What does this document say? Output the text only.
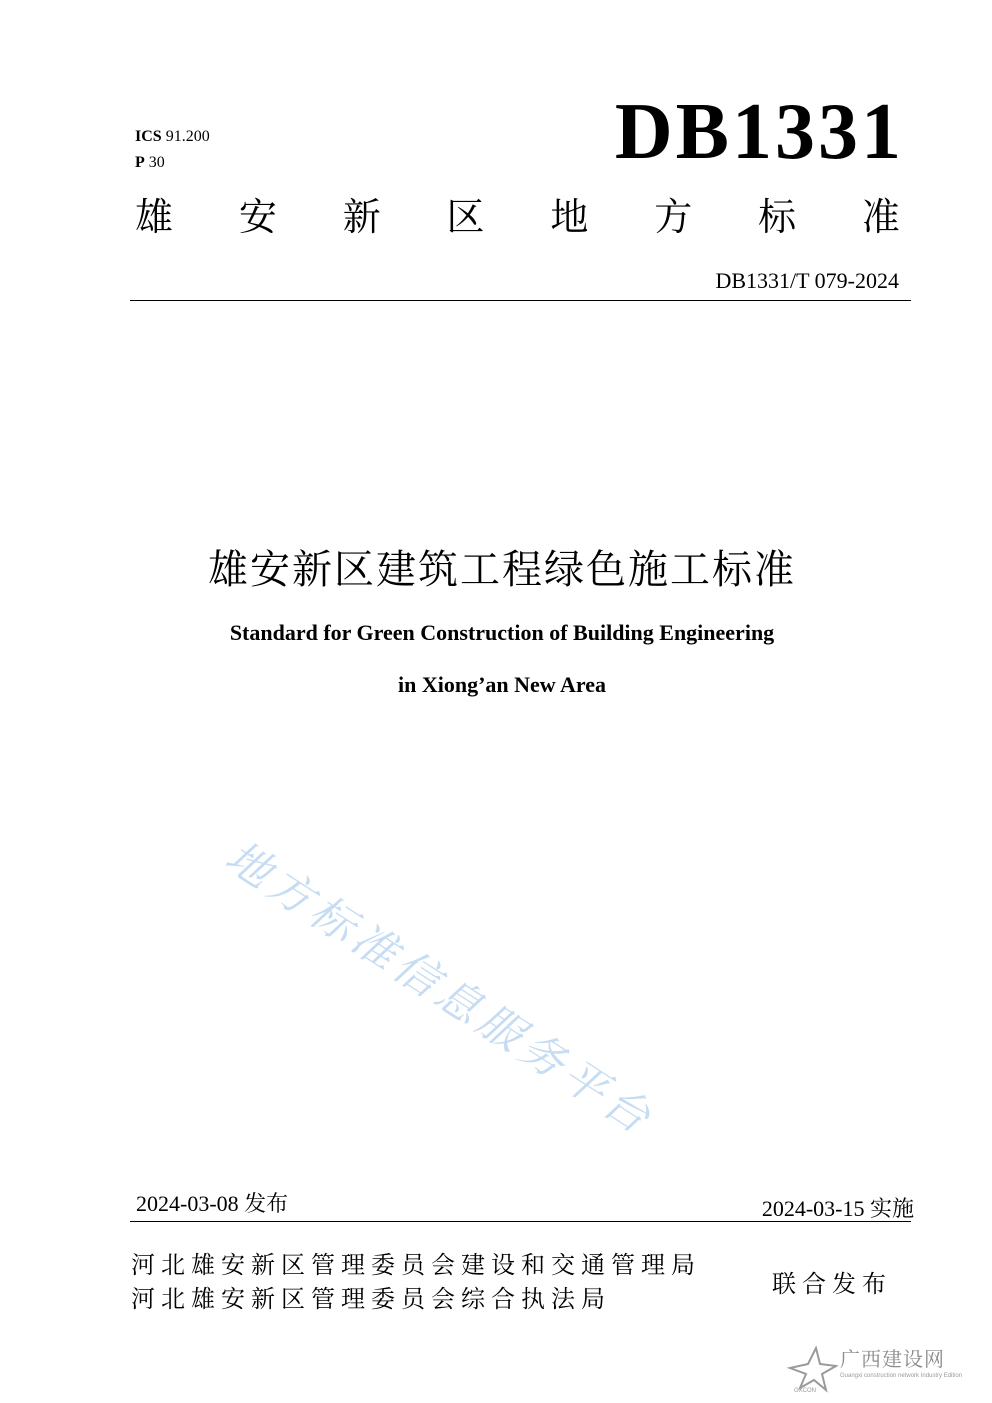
ICS 91.200
P 30	DB1331
雄 安 新 区 地 方 标 准
DB1331/T 079-2024
雄安新区建筑工程绿色施工标准
Standard for Green Construction of Building Engineering
in Xiong’an New Area
地方标准信息服务平台
2024-03-08 发布	2024-03-15 实施
河北雄安新区管理委员会建设和交通管理局
河北雄安新区管理委员会综合执法局
联合发布
GXCON
广西建设网
Guangxi construction network Industry Edition
